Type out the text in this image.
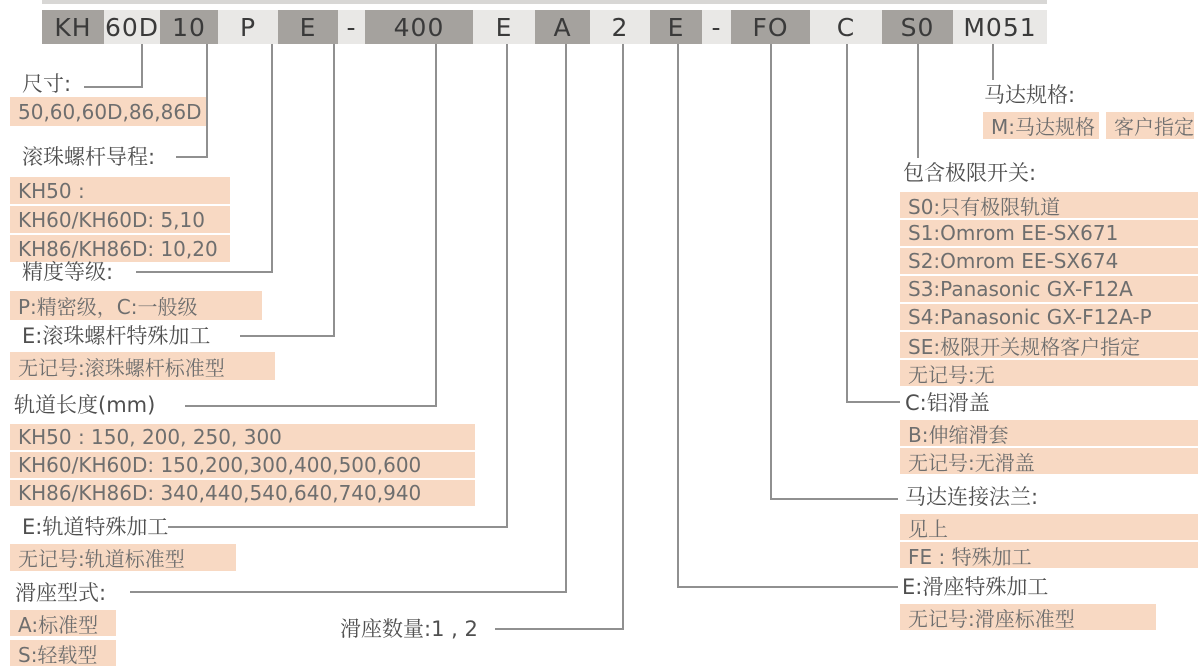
KH 60D 10	P	E	-	400	E	A	2	E	-	FO	C	S0	M051
尺寸:
50,60,60D,86,86D
滚珠螺杆导程:
KH50 :
KH60/KH60D: 5,10
KH86/KH86D: 10,20
精度等级:
P:精密级，C:一般级
E:滚珠螺杆特殊加工
无记号:滚珠螺杆标准型
轨道长度(mm)
KH50 : 150, 200, 250, 300
KH60/KH60D: 150,200,300,400,500,600
KH86/KH86D: 340,440,540,640,740,940
E:轨道特殊加工
无记号:轨道标准型
滑座型式:
A:标准型
S:轻载型
滑座数量:1 , 2
马达规格:
M:马达规格 客户指定
包含极限开关:
S0:只有极限轨道
S1:Omrom EE-SX671
S2:Omrom EE-SX674
S3:Panasonic GX-F12A
S4:Panasonic GX-F12A-P
SE:极限开关规格客户指定
无记号:无
C:铝滑盖
B:伸缩滑套
无记号:无滑盖
马达连接法兰:
见上
FE : 特殊加工
E:滑座特殊加工
无记号:滑座标准型
